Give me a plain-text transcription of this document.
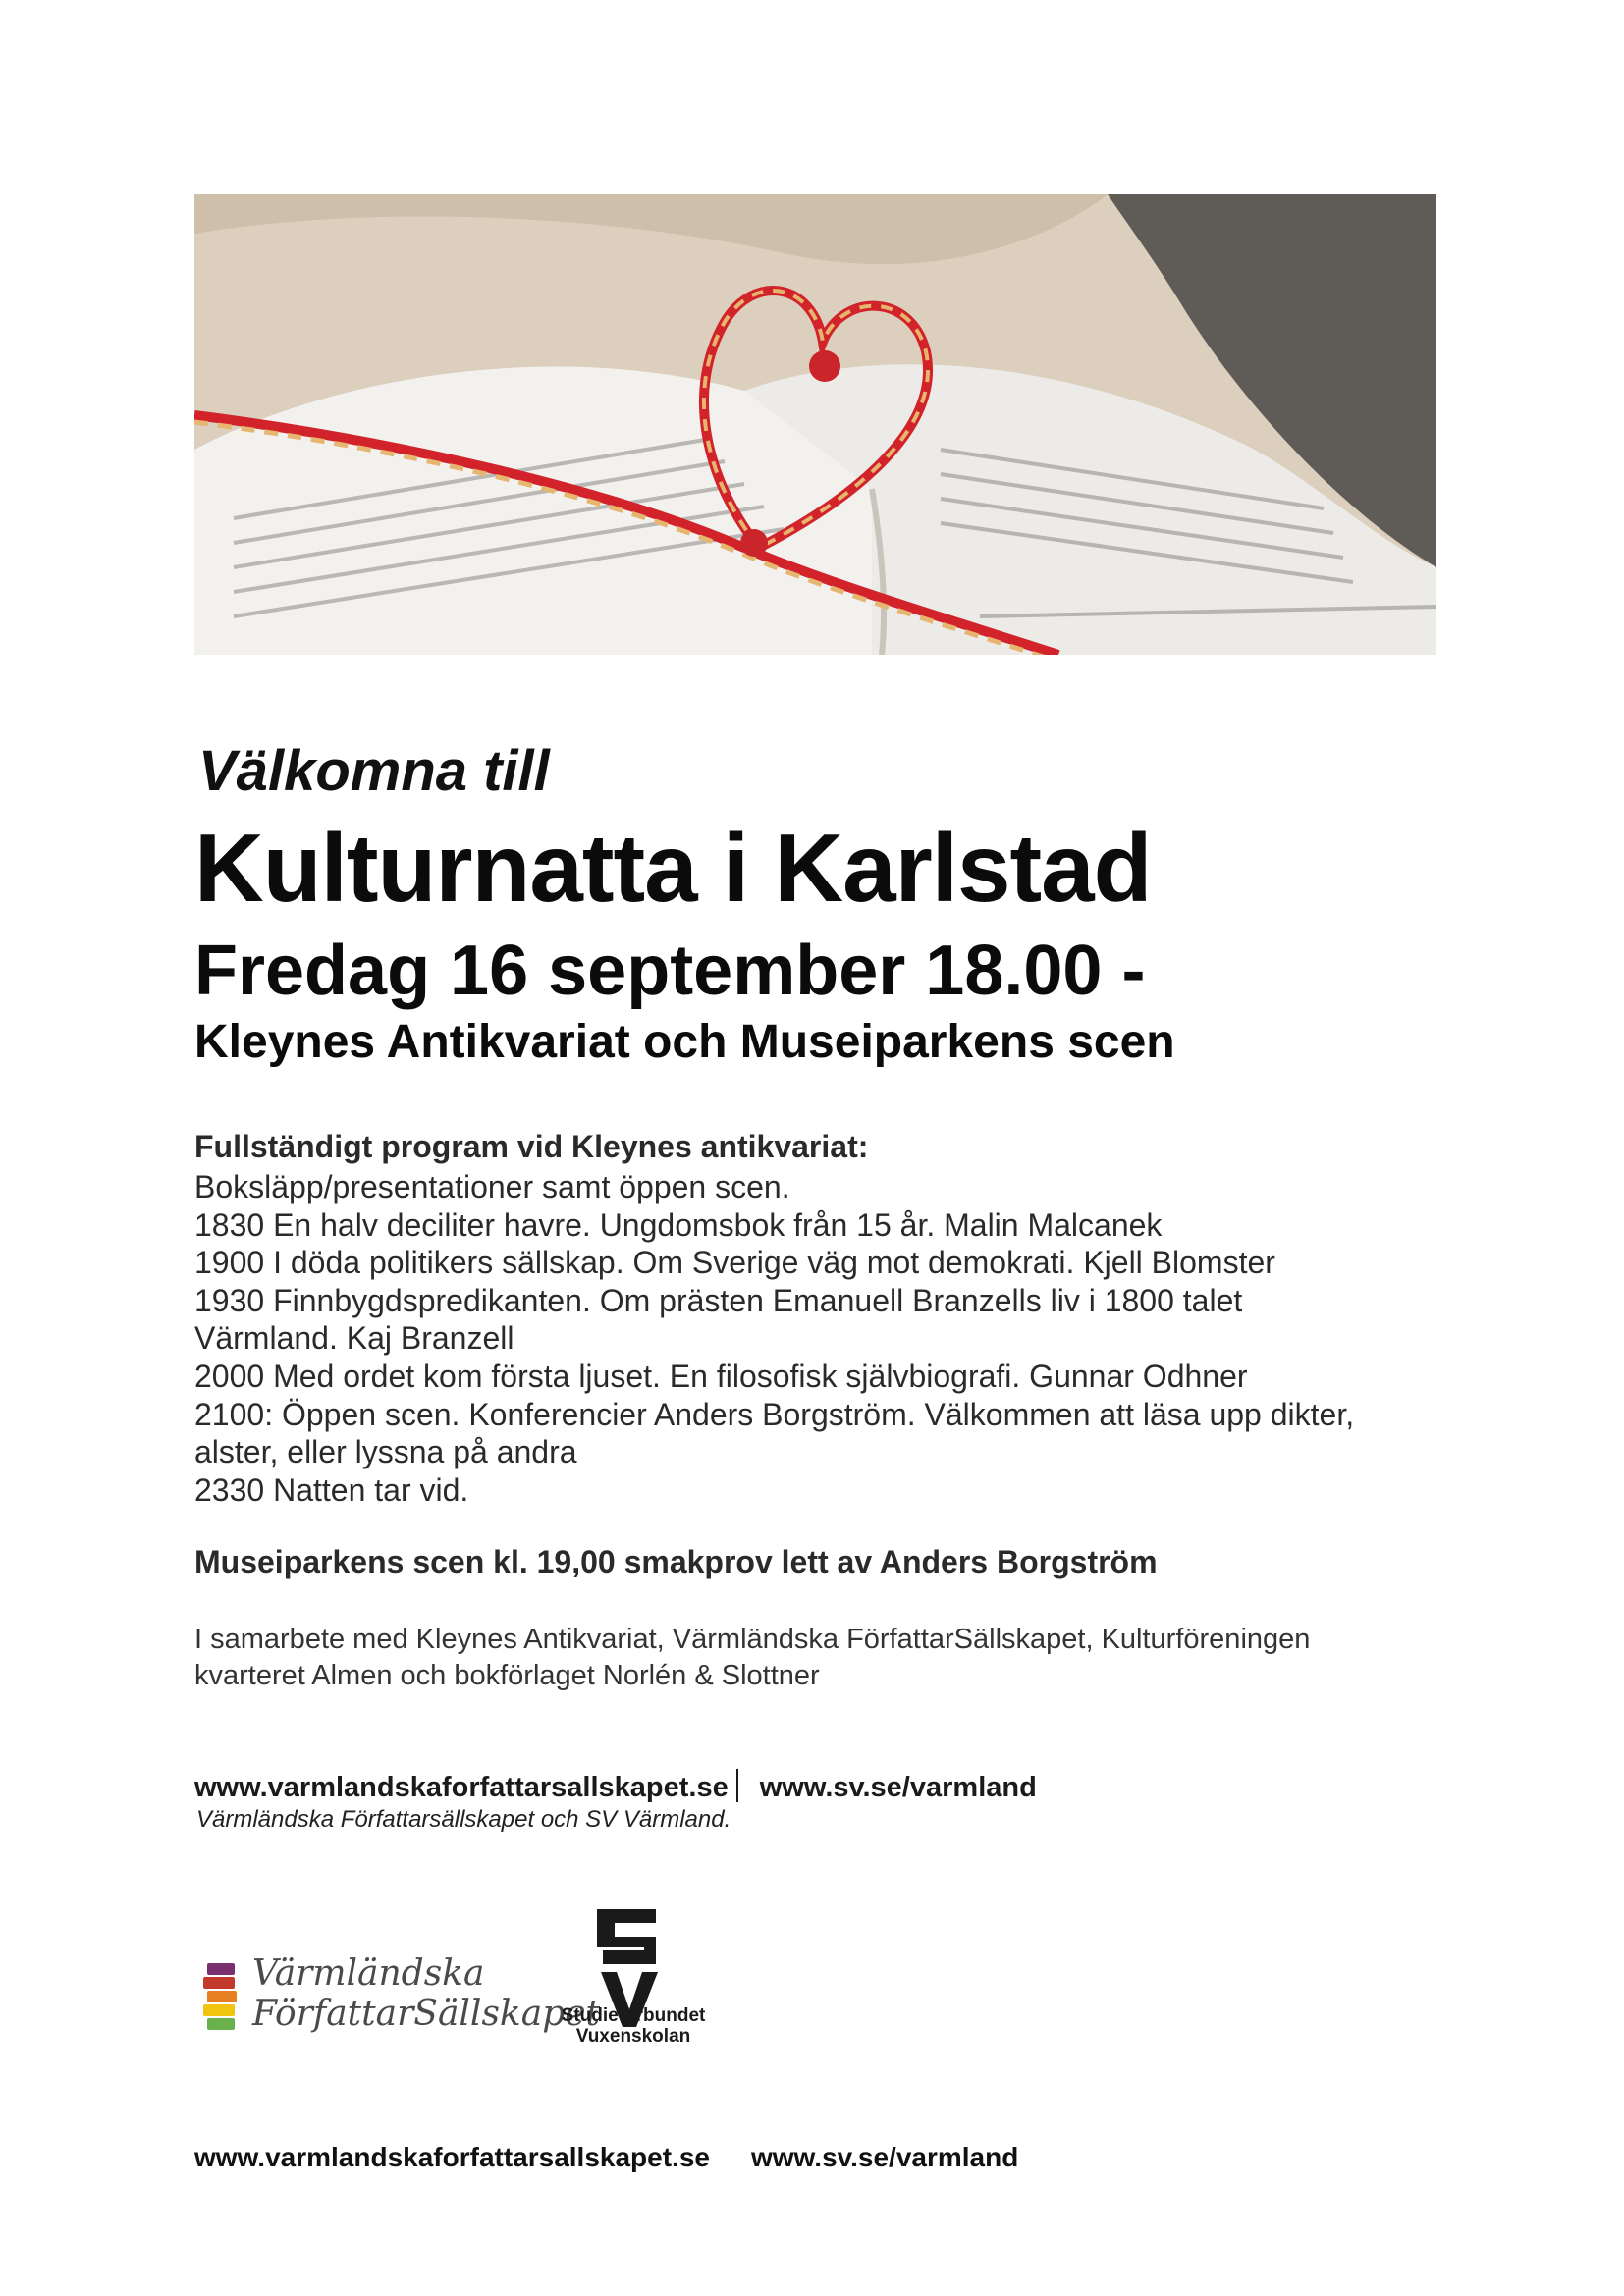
Välkomna till
Kulturnatta i Karlstad
Fredag 16 september 18.00 -
Kleynes Antikvariat och Museiparkens scen
Fullständigt program vid Kleynes antikvariat:
Boksläpp/presentationer samt öppen scen.
1830 En halv deciliter havre. Ungdomsbok från 15 år. Malin Malcanek
1900 I döda politikers sällskap. Om Sverige väg mot demokrati. Kjell Blomster
1930 Finnbygdspredikanten. Om prästen Emanuell Branzells liv i 1800 talet
Värmland. Kaj Branzell
2000 Med ordet kom första ljuset. En filosofisk självbiografi. Gunnar Odhner
2100: Öppen scen. Konferencier Anders Borgström. Välkommen att läsa upp dikter,
alster, eller lyssna på andra
2330 Natten tar vid.
Museiparkens scen kl. 19,00 smakprov lett av Anders Borgström
I samarbete med Kleynes Antikvariat, Värmländska FörfattarSällskapet, Kulturföreningen
kvarteret Almen och bokförlaget Norlén & Slottner
www.varmlandskaforfattarsallskapet.se www.sv.se/varmland
Värmländska Författarsällskapet och SV Värmland.
Värmländska
FörfattarSällskapet
Studieförbundet
Vuxenskolan
www.varmlandskaforfattarsallskapet.se www.sv.se/varmland
